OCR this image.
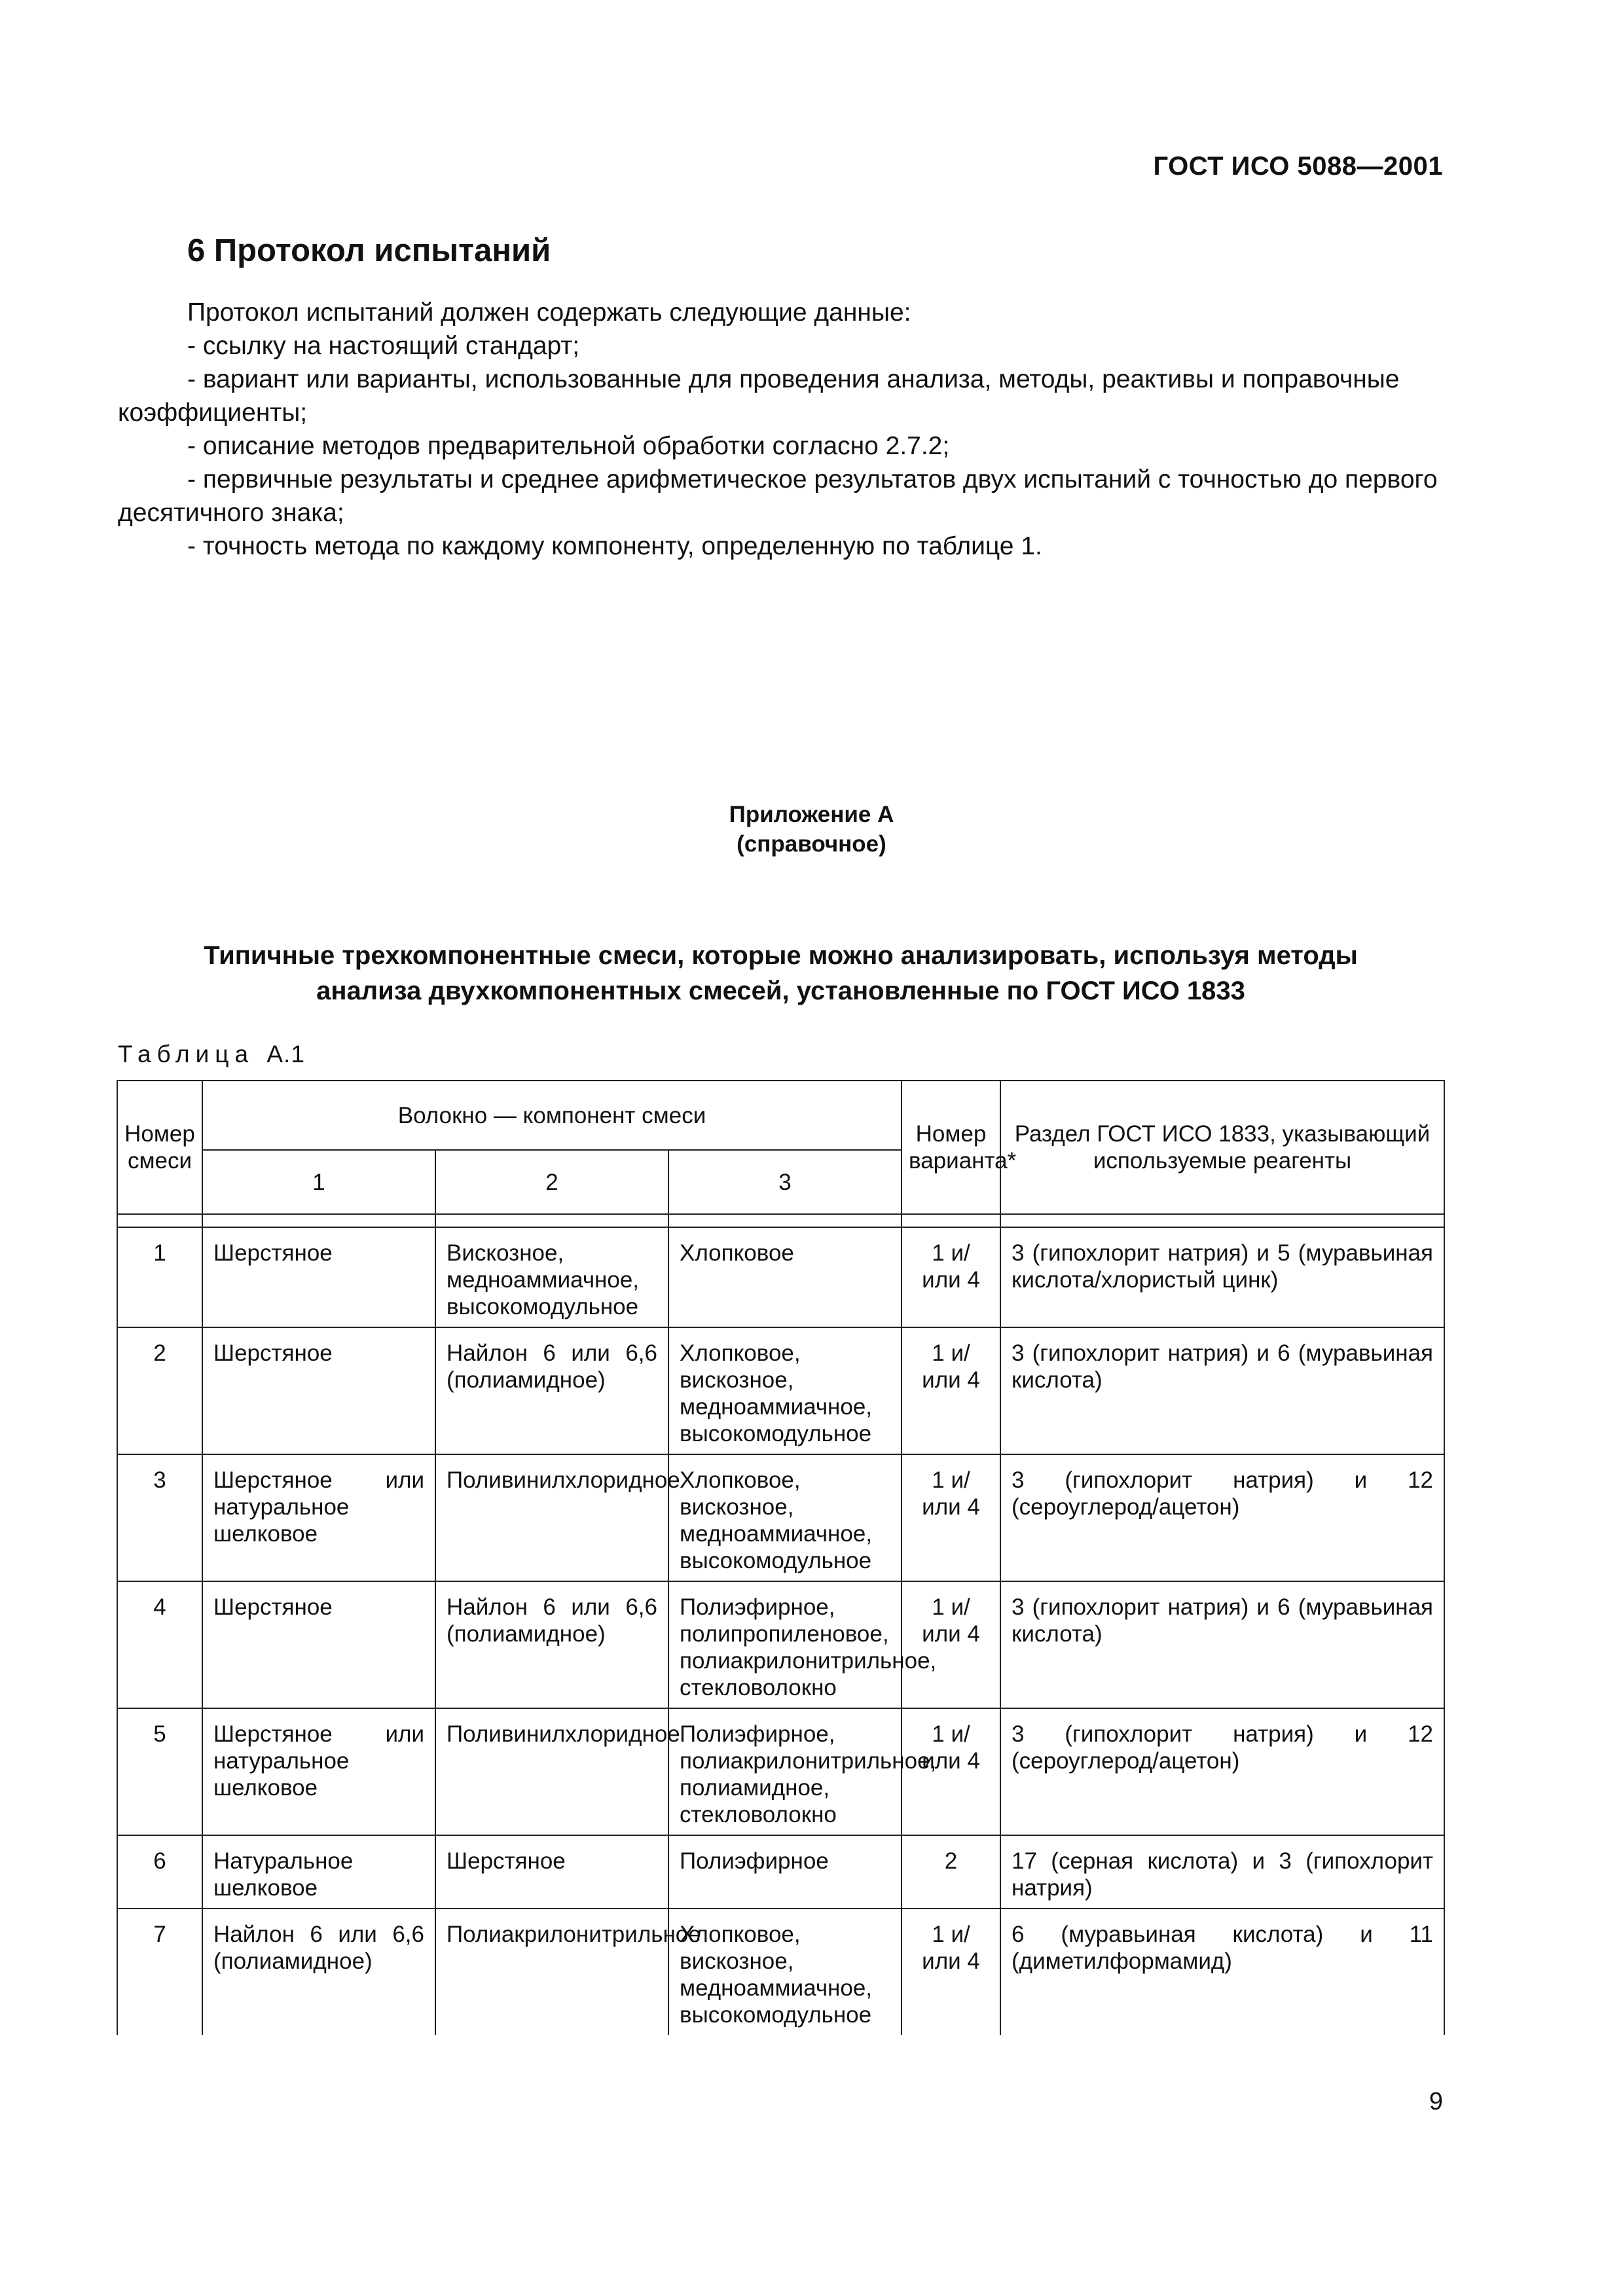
ГОСТ ИСО 5088—2001
6 Протокол испытаний

Протокол испытаний должен содержать следующие данные:

- ссылку на настоящий стандарт;

- вариант или варианты, использованные для проведения анализа, методы, реактивы и поправочные коэффициенты;

- описание методов предварительной обработки согласно 2.7.2;

- первичные результаты и среднее арифметическое результатов двух испытаний с точностью до первого десятичного знака;

- точность метода по каждому компоненту, определенную по таблице 1.

Приложение А
(справочное)
Типичные трехкомпонентные смеси, которые можно анализировать, используя методы
анализа двухкомпонентных смесей, установленные по ГОСТ ИСО 1833
Таблица А.1
Номер смеси	Волокно — компонент смеси			Номер варианта*	Раздел ГОСТ ИСО 1833, указывающий используемые реагенты
	1	2	3		

1	Шерстяное	Вискозное, медноаммиачное, высокомодульное	Хлопковое	1 и/или 4	3 (гипохлорит натрия) и 5 (муравьиная кислота/хлористый цинк)
2	Шерстяное	Найлон 6 или 6,6 (полиамидное)	Хлопковое, вискозное, медноаммиачное, высокомодульное	1 и/или 4	3 (гипохлорит натрия) и 6 (муравьиная кислота)
3	Шерстяное или натуральное шелковое	Поливинилхлоридное	Хлопковое, вискозное, медноаммиачное, высокомодульное	1 и/или 4	3 (гипохлорит натрия) и 12 (сероуглерод/ацетон)
4	Шерстяное	Найлон 6 или 6,6 (полиамидное)	Полиэфирное, полипропиленовое, полиакрилонитрильное, стекловолокно	1 и/или 4	3 (гипохлорит натрия) и 6 (муравьиная кислота)
5	Шерстяное или натуральное шелковое	Поливинилхлоридное	Полиэфирное, полиакрилонитрильное, полиамидное, стекловолокно	1 и/или 4	3 (гипохлорит натрия) и 12 (сероуглерод/ацетон)
6	Натуральное шелковое	Шерстяное	Полиэфирное	2	17 (серная кислота) и 3 (гипохлорит натрия)
7	Найлон 6 или 6,6 (полиамидное)	Полиакрилонитрильное	Хлопковое, вискозное, медноаммиачное, высокомодульное	1 и/или 4	6 (муравьиная кислота) и 11 (диметилформамид)
9
